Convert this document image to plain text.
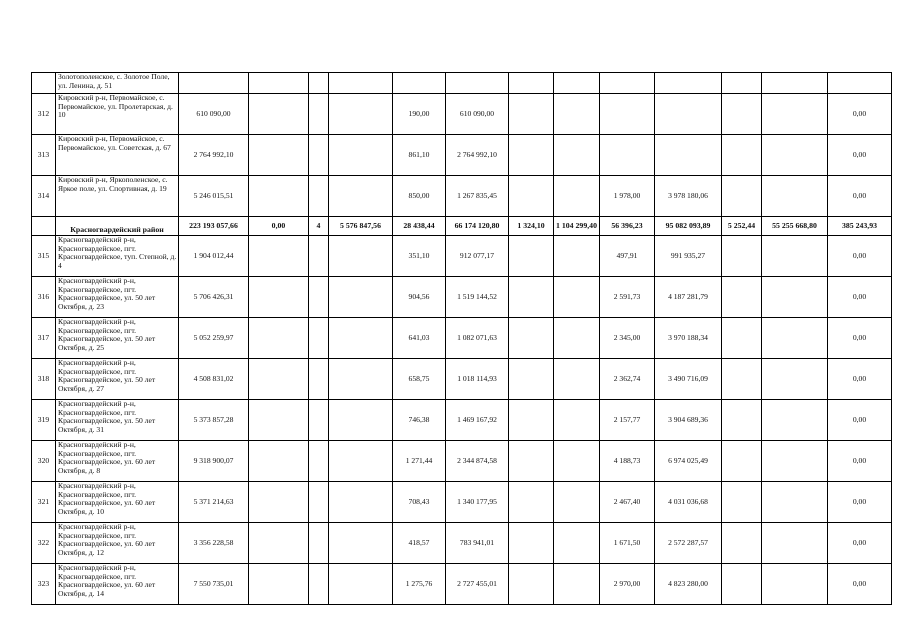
	Золотополенское, с. Золотое Поле, ул. Ленина, д. 51														
312	Кировский р-н, Первомайское, с. Первомайское, ул. Пролетарская, д. 10	610 090,00				190,00	610 090,00								0,00
313	Кировский р-н, Первомайское, с. Первомайское, ул. Советская, д. 67	2 764 992,10				861,10	2 764 992,10								0,00
314	Кировский р-н, Яркополенское, с. Яркое поле, ул. Спортивная, д. 19	5 246 015,51				850,00	1 267 835,45			1 978,00	3 978 180,06				0,00
	Красногвардейский район	223 193 057,66	0,00	4	5 576 847,56	28 438,44	66 174 120,80	1 324,10	1 104 299,40	56 396,23	95 082 093,89	5 252,44	55 255 668,80		385 243,93
315	Красногвардейский р-н, Красногвардейское, пгт. Красногвардейское, туп. Степной, д. 4	1 904 012,44				351,10	912 077,17			497,91	991 935,27				0,00
316	Красногвардейский р-н, Красногвардейское, пгт. Красногвардейское, ул. 50 лет Октября, д. 23	5 706 426,31				904,56	1 519 144,52			2 591,73	4 187 281,79				0,00
317	Красногвардейский р-н, Красногвардейское, пгт. Красногвардейское, ул. 50 лет Октября, д. 25	5 052 259,97				641,03	1 082 071,63			2 345,00	3 970 188,34				0,00
318	Красногвардейский р-н, Красногвардейское, пгт. Красногвардейское, ул. 50 лет Октября, д. 27	4 508 831,02				658,75	1 018 114,93			2 362,74	3 490 716,09				0,00
319	Красногвардейский р-н, Красногвардейское, пгт. Красногвардейское, ул. 50 лет Октября, д. 31	5 373 857,28				746,38	1 469 167,92			2 157,77	3 904 689,36				0,00
320	Красногвардейский р-н, Красногвардейское, пгт. Красногвардейское, ул. 60 лет Октября, д. 8	9 318 900,07				1 271,44	2 344 874,58			4 188,73	6 974 025,49				0,00
321	Красногвардейский р-н, Красногвардейское, пгт. Красногвардейское, ул. 60 лет Октября, д. 10	5 371 214,63				708,43	1 340 177,95			2 467,40	4 031 036,68				0,00
322	Красногвардейский р-н, Красногвардейское, пгт. Красногвардейское, ул. 60 лет Октября, д. 12	3 356 228,58				418,57	783 941,01			1 671,50	2 572 287,57				0,00
323	Красногвардейский р-н, Красногвардейское, пгт. Красногвардейское, ул. 60 лет Октября, д. 14	7 550 735,01				1 275,76	2 727 455,01			2 970,00	4 823 280,00				0,00
